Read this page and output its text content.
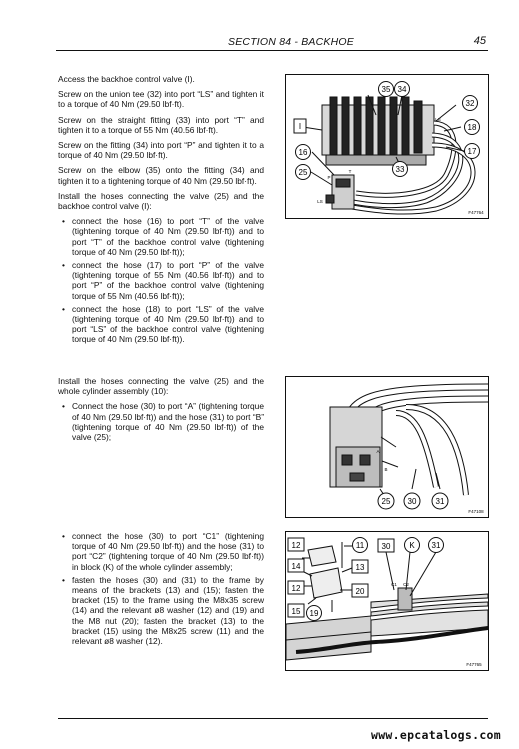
SECTION 84 - BACKHOE	45

Access the backhoe control valve (I).

Screw on the union tee (32) into port “LS” and tighten it to a torque of 40 Nm (29.50 lbf·ft).

Screw on the straight fitting (33) into port “T” and tighten it to a torque of 55 Nm (40.56 lbf·ft).

Screw on the fitting (34) into port “P” and tighten it to a torque of 40 Nm (29.50 lbf·ft).

Screw on the elbow (35) onto the fitting (34) and tighten it to a tightening torque of 40 Nm (29.50 lbf·ft).

Install the hoses connecting the valve (25) and the backhoe control valve (I):

• connect the hose (16) to port “T” of the valve (tightening torque of 40 Nm (29.50 lbf·ft)) and to port “T” of the backhoe control valve (tightening torque of 40 Nm (29.50 lbf·ft));
• connect the hose (17) to port “P” of the valve (tightening torque of 55 Nm (40.56 lbf·ft)) and to port “P” of the backhoe control valve (tightening torque of 55 Nm (40.56 lbf·ft));
• connect the hose (18) to port “LS” of the valve (tightening torque of 40 Nm (29.50 lbf·ft)) and to port “LS” of the backhoe control valve (tightening torque of 40 Nm (29.50 lbf·ft)).

Install the hoses connecting the valve (25) and the whole cylinder assembly (10):

• Connect the hose (30) to port “A” (tightening torque of 40 Nm (29.50 lbf·ft)) and the hose (31) to port “B” (tightening torque of 40 Nm (29.50 lbf·ft)) of the valve (25);
• connect the hose (30) to port “C1” (tightening torque of 40 Nm (29.50 lbf·ft)) and the hose (31) to port “C2” (tightening torque of 40 Nm (29.50 lbf·ft)) in block (K) of the whole cylinder assembly;
• fasten the hoses (30) and (31) to the frame by means of the brackets (13) and (15); fasten the bracket (15) to the frame using the M8x35 screw (14) and the relevant ø8 washer (12) and (19) and the M8 nut (20); fasten the bracket (13) to the bracket (15) using the M8x25 screw (11) and the relevant ø8 washer (12).
35 34
32
I	18
16	17
33
25
LS
T
P
LS
F47764
25 30 31
A
B
F47108
12
14
12
15 19
11
13
20
30 K 31
C1 C2
F47765
www.epcatalogs.com
